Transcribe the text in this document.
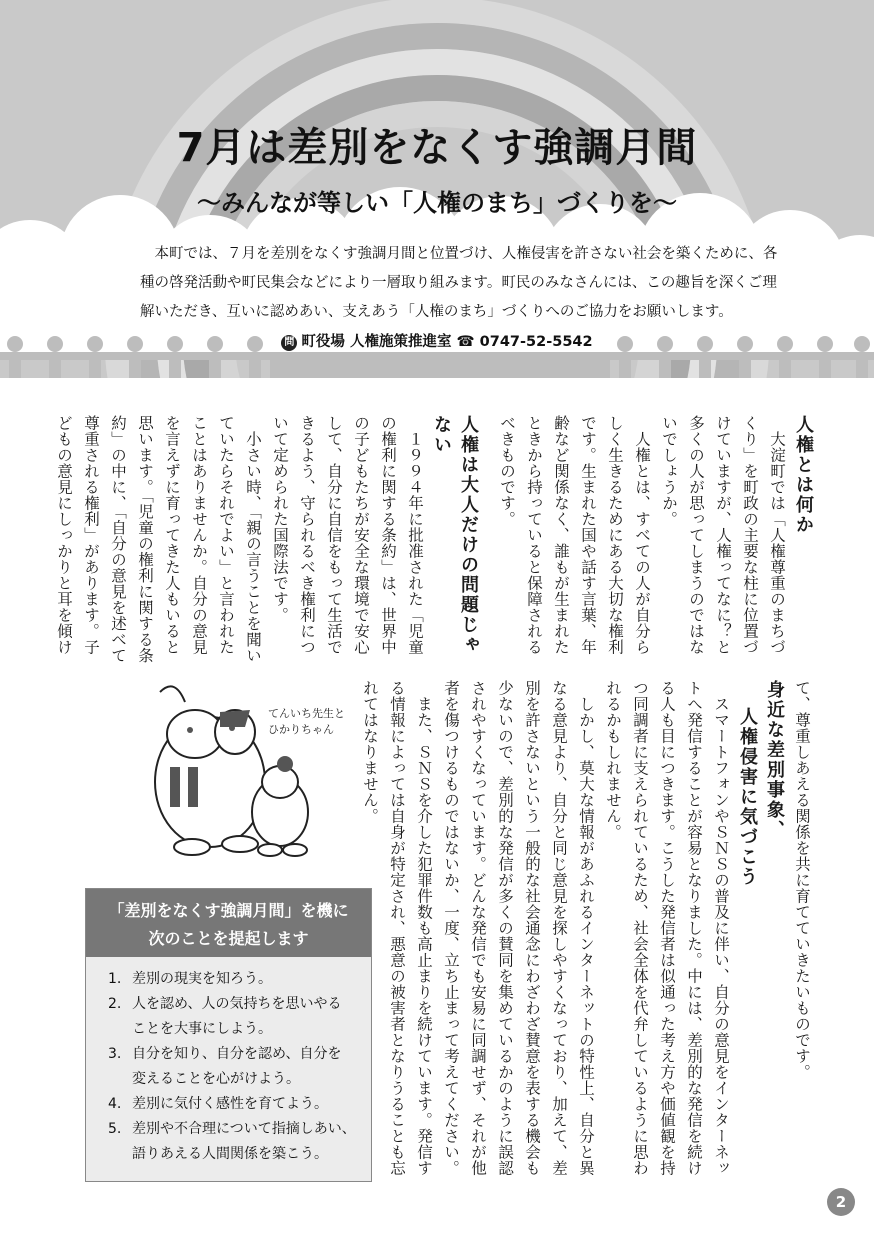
7月は差別をなくす強調月間
～みんなが等しい「人権のまち」づくりを～

本町では、７月を差別をなくす強調月間と位置づけ、人権侵害を許さない社会を築くために、各種の啓発活動や町民集会などにより一層取り組みます。町民のみなさんには、この趣旨を深くご理解いただき、互いに認めあい、支えあう「人権のまち」づくりへのご協力をお願いします。

問 町役場 人権施策推進室 ☎ 0747-52-5542
人権とは何か

大淀町では「人権尊重のまちづくり」を町政の主要な柱に位置づけていますが、人権ってなに？と多くの人が思ってしまうのではないでしょうか。

人権とは、すべての人が自分らしく生きるためにある大切な権利です。生まれた国や話す言葉、年齢など関係なく、誰もが生まれたときから持っていると保障されるべきものです。

人権は大人だけの問題じゃない

１９９４年に批准された「児童の権利に関する条約」は、世界中の子どもたちが安全な環境で安心して、自分に自信をもって生活できるよう、守られるべき権利について定められた国際法です。

小さい時、「親の言うことを聞いていたらそれでよい」と言われたことはありませんか。自分の意見を言えずに育ってきた人もいると思います。「児童の権利に関する条約」の中に、「自分の意見を述べて尊重される権利」があります。子どもの意見にしっかりと耳を傾け

て、尊重しあえる関係を共に育てていきたいものです。

身近な差別事象、
人権侵害に気づこう

スマートフォンやＳＮＳの普及に伴い、自分の意見をインターネットへ発信することが容易となりました。中には、差別的な発信を続ける人も目につきます。こうした発信者は似通った考え方や価値観を持つ同調者に支えられているため、社会全体を代弁しているように思われるかもしれません。

しかし、莫大な情報があふれるインターネットの特性上、自分と異なる意見より、自分と同じ意見を探しやすくなっており、加えて、差別を許さないという一般的な社会通念にわざわざ賛意を表する機会も少ないので、差別的な発信が多くの賛同を集めているかのように誤認されやすくなっています。どんな発信でも安易に同調せず、それが他者を傷つけるものではないか、一度、立ち止まって考えてください。

また、ＳＮＳを介した犯罪件数も高止まりを続けています。発信する情報によっては自身が特定され、悪意の被害者となりうることも忘れてはなりません。

てんいち先生と
ひかりちゃん
「差別をなくす強調月間」を機に
次のことを提起します
1. 差別の現実を知ろう。
2. 人を認め、人の気持ちを思いやる
ことを大事にしよう。
3. 自分を知り、自分を認め、自分を
変えることを心がけよう。
4. 差別に気付く感性を育てよう。
5. 差別や不合理について指摘しあい、
語りあえる人間関係を築こう。
2
